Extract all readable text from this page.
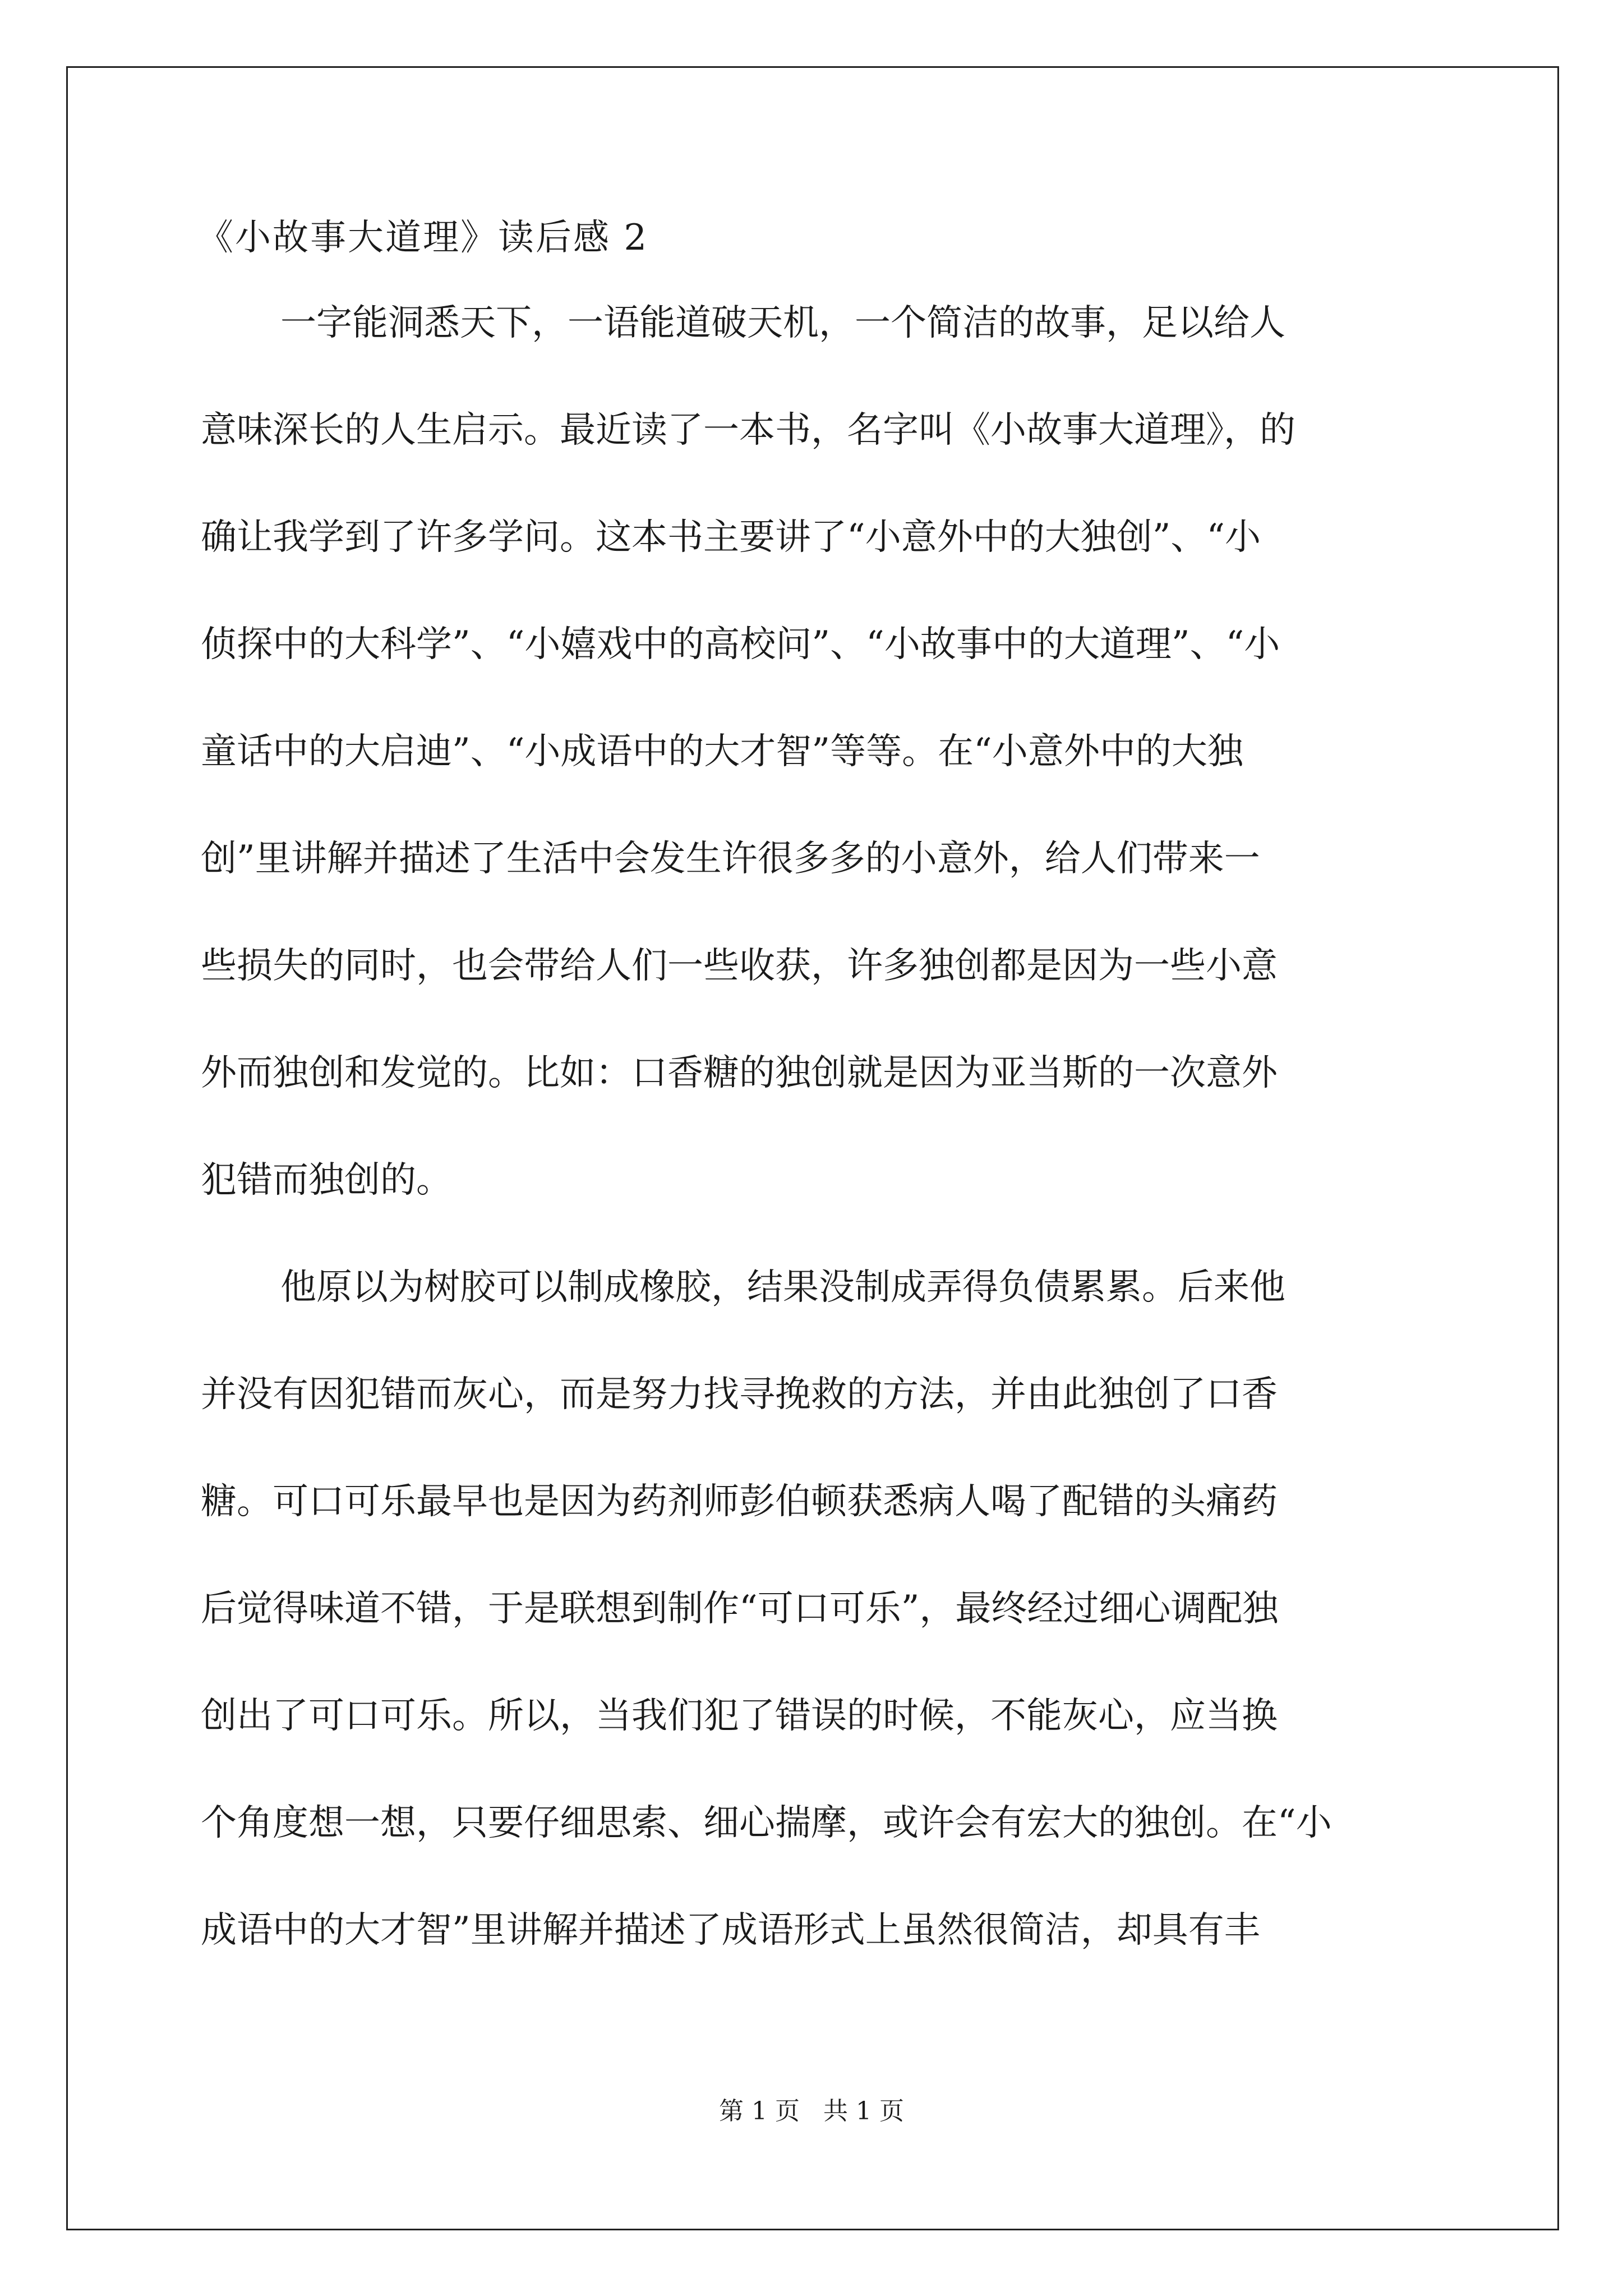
《小故事大道理》读后感 2
一字能洞悉天下，一语能道破天机，一个简洁的故事，足以给人
意味深长的人生启示。最近读了一本书，名字叫《小故事大道理》，的
确让我学到了许多学问。这本书主要讲了“小意外中的大独创”、“小
侦探中的大科学”、“小嬉戏中的高校问”、“小故事中的大道理”、“小
童话中的大启迪”、“小成语中的大才智”等等。在“小意外中的大独
创”里讲解并描述了生活中会发生许很多多的小意外，给人们带来一
些损失的同时，也会带给人们一些收获，许多独创都是因为一些小意
外而独创和发觉的。比如：口香糖的独创就是因为亚当斯的一次意外
犯错而独创的。
他原以为树胶可以制成橡胶，结果没制成弄得负债累累。后来他
并没有因犯错而灰心，而是努力找寻挽救的方法，并由此独创了口香
糖。可口可乐最早也是因为药剂师彭伯顿获悉病人喝了配错的头痛药
后觉得味道不错，于是联想到制作“可口可乐”，最终经过细心调配独
创出了可口可乐。所以，当我们犯了错误的时候，不能灰心，应当换
个角度想一想，只要仔细思索、细心揣摩，或许会有宏大的独创。在“小
成语中的大才智”里讲解并描述了成语形式上虽然很简洁，却具有丰
第 1 页   共 1 页
